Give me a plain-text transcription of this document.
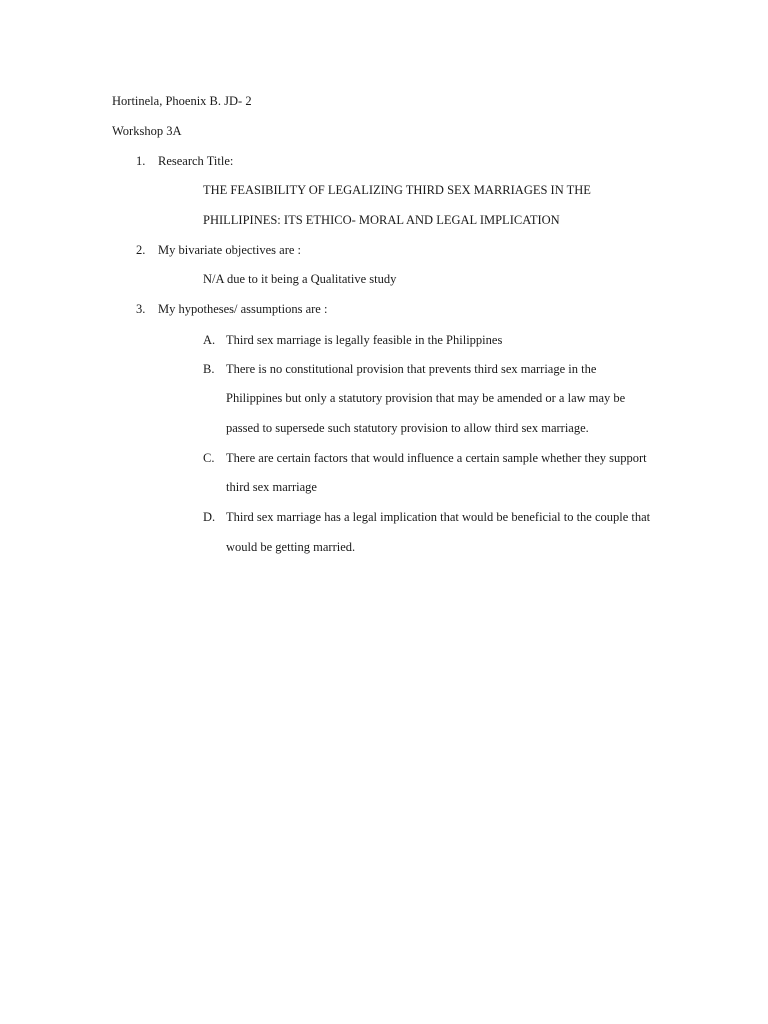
Hortinela, Phoenix B. JD- 2
Workshop 3A
1. Research Title:
THE FEASIBILITY OF LEGALIZING THIRD SEX MARRIAGES IN THE
PHILLIPINES: ITS ETHICO- MORAL AND LEGAL IMPLICATION
2. My bivariate objectives are :
N/A due to it being a Qualitative study
3. My hypotheses/ assumptions are :
A. Third sex marriage is legally feasible in the Philippines
B. There is no constitutional provision that prevents third sex marriage in the
Philippines but only a statutory provision that may be amended or a law may be
passed to supersede such statutory provision to allow third sex marriage.
C. There are certain factors that would influence a certain sample whether they support
third sex marriage
D. Third sex marriage has a legal implication that would be beneficial to the couple that
would be getting married.
